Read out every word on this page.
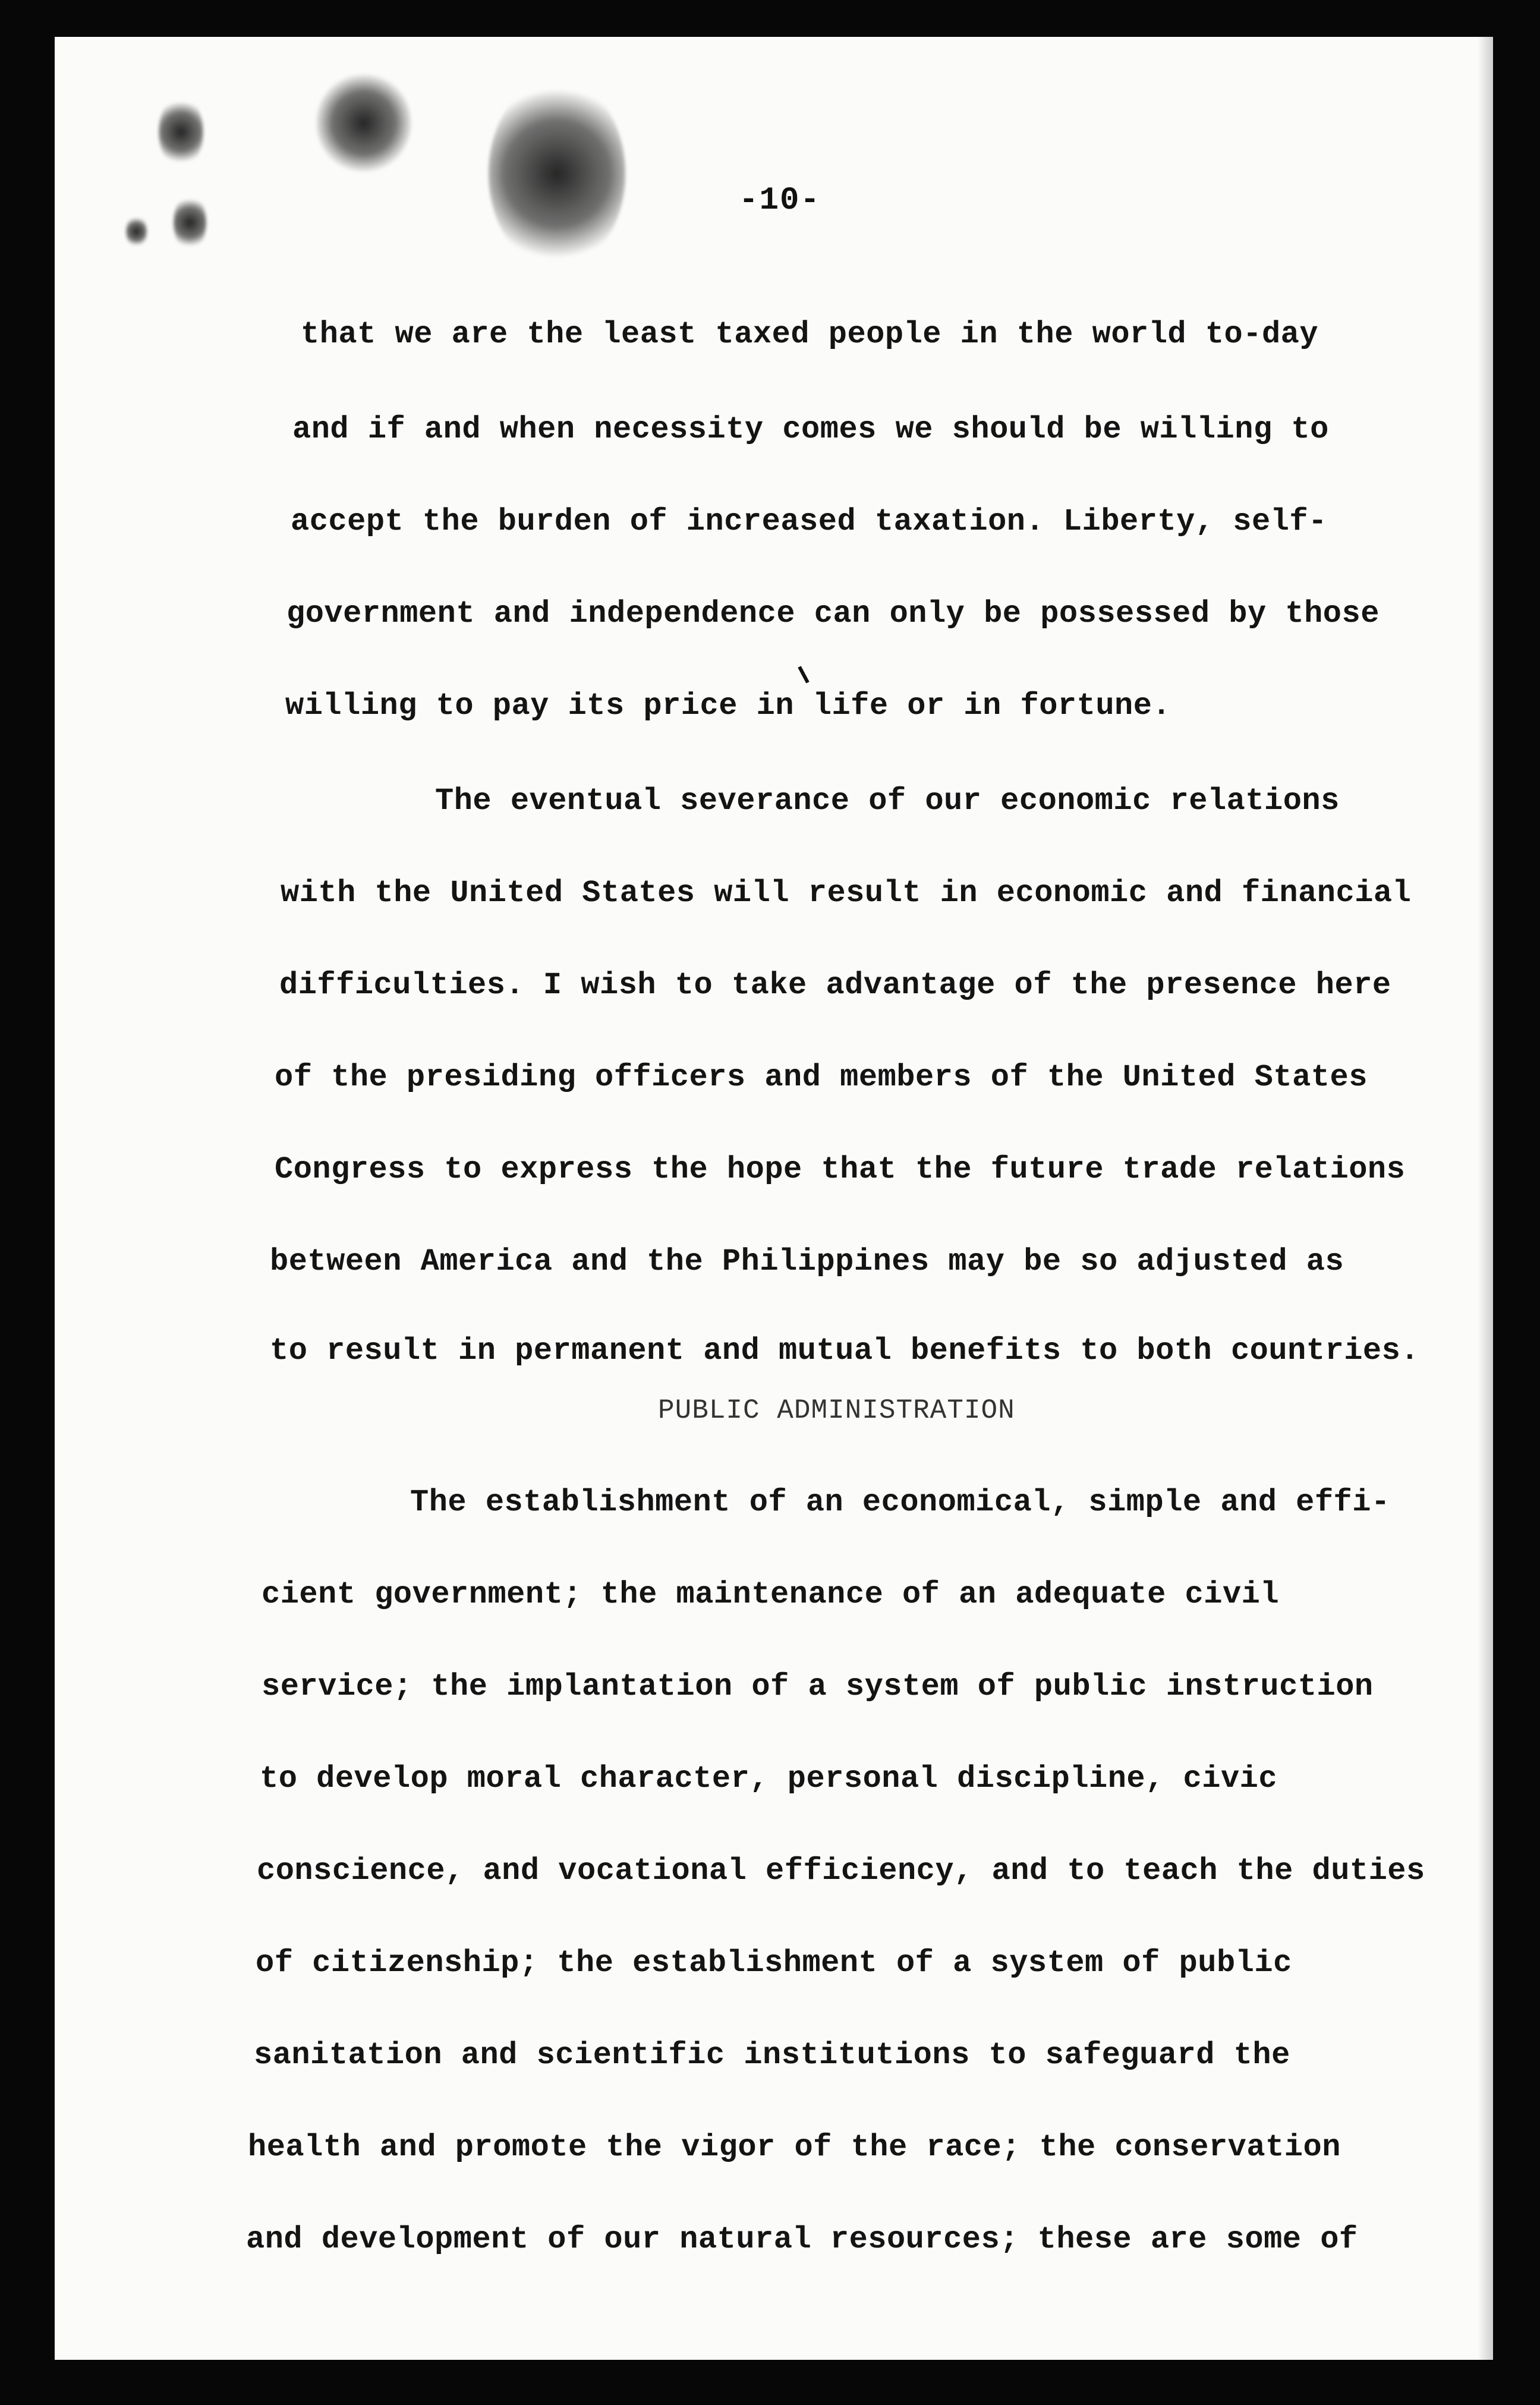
-10-
that we are the least taxed people in the world to-day
and if and when necessity comes we should be willing to
accept the burden of increased taxation. Liberty, self-
government and independence can only be possessed by those
willing to pay its price in life or in fortune.
The eventual severance of our economic relations
with the United States will result in economic and financial
difficulties. I wish to take advantage of the presence here
of the presiding officers and members of the United States
Congress to express the hope that the future trade relations
between America and the Philippines may be so adjusted as
to result in permanent and mutual benefits to both countries.
PUBLIC ADMINISTRATION
The establishment of an economical, simple and effi-
cient government; the maintenance of an adequate civil
service; the implantation of a system of public instruction
to develop moral character, personal discipline, civic
conscience, and vocational efficiency, and to teach the duties
of citizenship; the establishment of a system of public
sanitation and scientific institutions to safeguard the
health and promote the vigor of the race; the conservation
and development of our natural resources; these are some of
